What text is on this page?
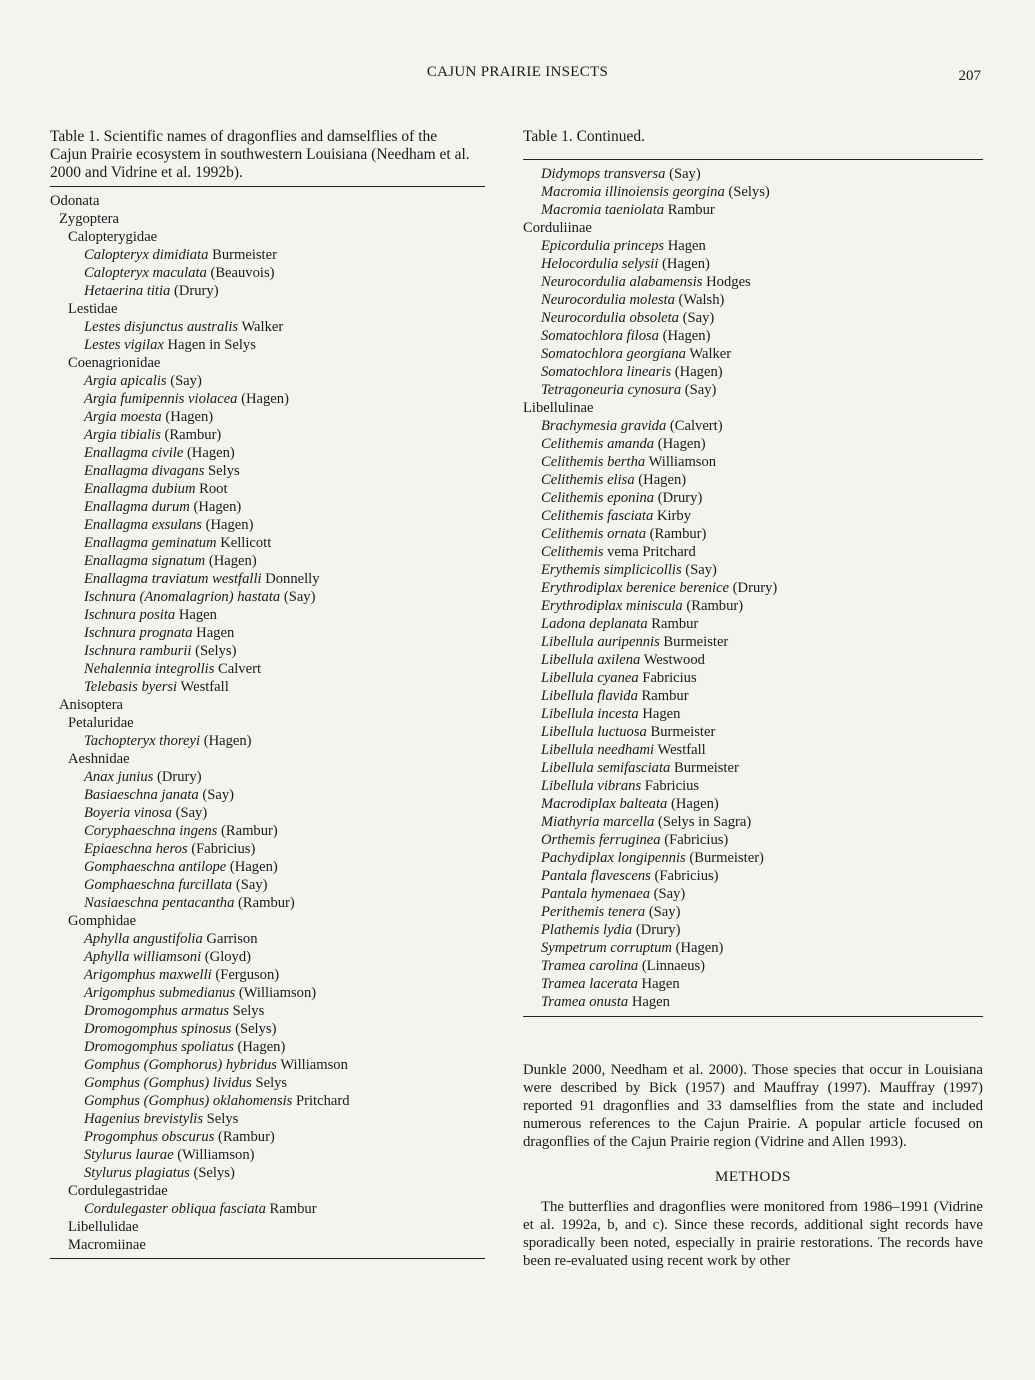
CAJUN PRAIRIE INSECTS	207

Table 1. Scientific names of dragonflies and damselflies of the Cajun Prairie ecosystem in southwestern Louisiana (Needham et al. 2000 and Vidrine et al. 1992b).

Odonata
Zygoptera
Calopterygidae
Calopteryx dimidiata Burmeister
Calopteryx maculata (Beauvois)
Hetaerina titia (Drury)
Lestidae
Lestes disjunctus australis Walker
Lestes vigilax Hagen in Selys
Coenagrionidae
Argia apicalis (Say)
Argia fumipennis violacea (Hagen)
Argia moesta (Hagen)
Argia tibialis (Rambur)
Enallagma civile (Hagen)
Enallagma divagans Selys
Enallagma dubium Root
Enallagma durum (Hagen)
Enallagma exsulans (Hagen)
Enallagma geminatum Kellicott
Enallagma signatum (Hagen)
Enallagma traviatum westfalli Donnelly
Ischnura (Anomalagrion) hastata (Say)
Ischnura posita Hagen
Ischnura prognata Hagen
Ischnura ramburii (Selys)
Nehalennia integrollis Calvert
Telebasis byersi Westfall
Anisoptera
Petaluridae
Tachopteryx thoreyi (Hagen)
Aeshnidae
Anax junius (Drury)
Basiaeschna janata (Say)
Boyeria vinosa (Say)
Coryphaeschna ingens (Rambur)
Epiaeschna heros (Fabricius)
Gomphaeschna antilope (Hagen)
Gomphaeschna furcillata (Say)
Nasiaeschna pentacantha (Rambur)
Gomphidae
Aphylla angustifolia Garrison
Aphylla williamsoni (Gloyd)
Arigomphus maxwelli (Ferguson)
Arigomphus submedianus (Williamson)
Dromogomphus armatus Selys
Dromogomphus spinosus (Selys)
Dromogomphus spoliatus (Hagen)
Gomphus (Gomphorus) hybridus Williamson
Gomphus (Gomphus) lividus Selys
Gomphus (Gomphus) oklahomensis Pritchard
Hagenius brevistylis Selys
Progomphus obscurus (Rambur)
Stylurus laurae (Williamson)
Stylurus plagiatus (Selys)
Cordulegastridae
Cordulegaster obliqua fasciata Rambur
Libellulidae
Macromiinae

Table 1. Continued.

Didymops transversa (Say)
Macromia illinoiensis georgina (Selys)
Macromia taeniolata Rambur
Corduliinae
Epicordulia princeps Hagen
Helocordulia selysii (Hagen)
Neurocordulia alabamensis Hodges
Neurocordulia molesta (Walsh)
Neurocordulia obsoleta (Say)
Somatochlora filosa (Hagen)
Somatochlora georgiana Walker
Somatochlora linearis (Hagen)
Tetragoneuria cynosura (Say)
Libellulinae
Brachymesia gravida (Calvert)
Celithemis amanda (Hagen)
Celithemis bertha Williamson
Celithemis elisa (Hagen)
Celithemis eponina (Drury)
Celithemis fasciata Kirby
Celithemis ornata (Rambur)
Celithemis vema Pritchard
Erythemis simplicicollis (Say)
Erythrodiplax berenice berenice (Drury)
Erythrodiplax miniscula (Rambur)
Ladona deplanata Rambur
Libellula auripennis Burmeister
Libellula axilena Westwood
Libellula cyanea Fabricius
Libellula flavida Rambur
Libellula incesta Hagen
Libellula luctuosa Burmeister
Libellula needhami Westfall
Libellula semifasciata Burmeister
Libellula vibrans Fabricius
Macrodiplax balteata (Hagen)
Miathyria marcella (Selys in Sagra)
Orthemis ferruginea (Fabricius)
Pachydiplax longipennis (Burmeister)
Pantala flavescens (Fabricius)
Pantala hymenaea (Say)
Perithemis tenera (Say)
Plathemis lydia (Drury)
Sympetrum corruptum (Hagen)
Tramea carolina (Linnaeus)
Tramea lacerata Hagen
Tramea onusta Hagen

Dunkle 2000, Needham et al. 2000). Those species that occur in Louisiana were described by Bick (1957) and Mauffray (1997). Mauffray (1997) reported 91 dragonflies and 33 damselflies from the state and included numerous references to the Cajun Prairie. A popular article focused on dragonflies of the Cajun Prairie region (Vidrine and Allen 1993).

METHODS

The butterflies and dragonflies were monitored from 1986–1991 (Vidrine et al. 1992a, b, and c). Since these records, additional sight records have sporadically been noted, especially in prairie restorations. The records have been re-evaluated using recent work by other
